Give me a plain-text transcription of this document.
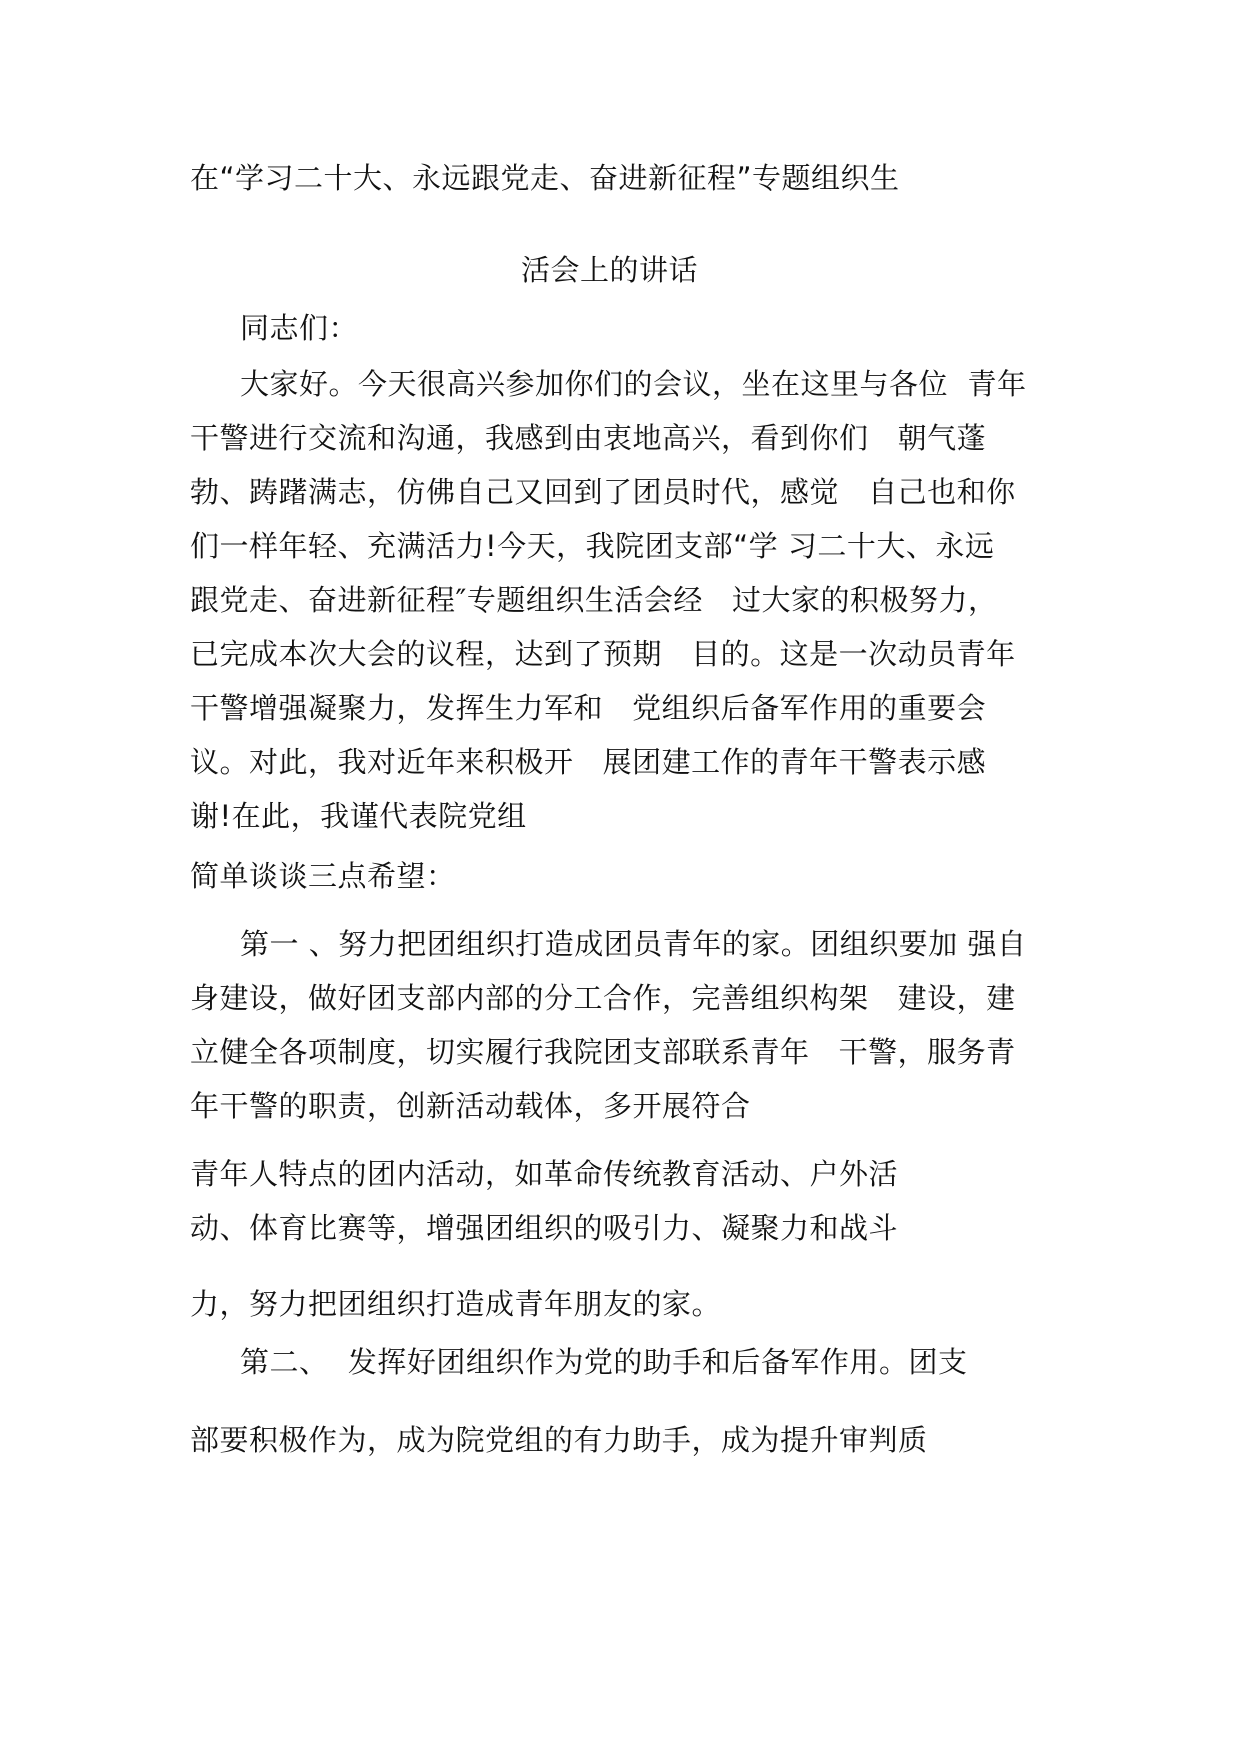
在“学习二十大、永远跟党走、奋进新征程”专题组织生
活会上的讲话
同志们：
大家好。今天很高兴参加你们的会议，坐在这里与各位  青年
干警进行交流和沟通，我感到由衷地高兴，看到你们   朝气蓬
勃、踌躇满志，仿佛自己又回到了团员时代，感觉   自己也和你
们一样年轻、充满活力!今天，我院团支部“学 习二十大、永远
跟党走、奋进新征程″专题组织生活会经   过大家的积极努力，
已完成本次大会的议程，达到了预期   目的。这是一次动员青年
干警增强凝聚力，发挥生力军和   党组织后备军作用的重要会
议。对此，我对近年来积极开   展团建工作的青年干警表示感
谢!在此，我谨代表院党组
简单谈谈三点希望：
第一 、努力把团组织打造成团员青年的家。团组织要加 强自
身建设，做好团支部内部的分工合作，完善组织构架   建设，建
立健全各项制度，切实履行我院团支部联系青年   干警，服务青
年干警的职责，创新活动载体，多开展符合
青年人特点的团内活动，如革命传统教育活动、户外活
动、体育比赛等，增强团组织的吸引力、凝聚力和战斗
力，努力把团组织打造成青年朋友的家。
第二、  发挥好团组织作为党的助手和后备军作用。团支
部要积极作为，成为院党组的有力助手，成为提升审判质
